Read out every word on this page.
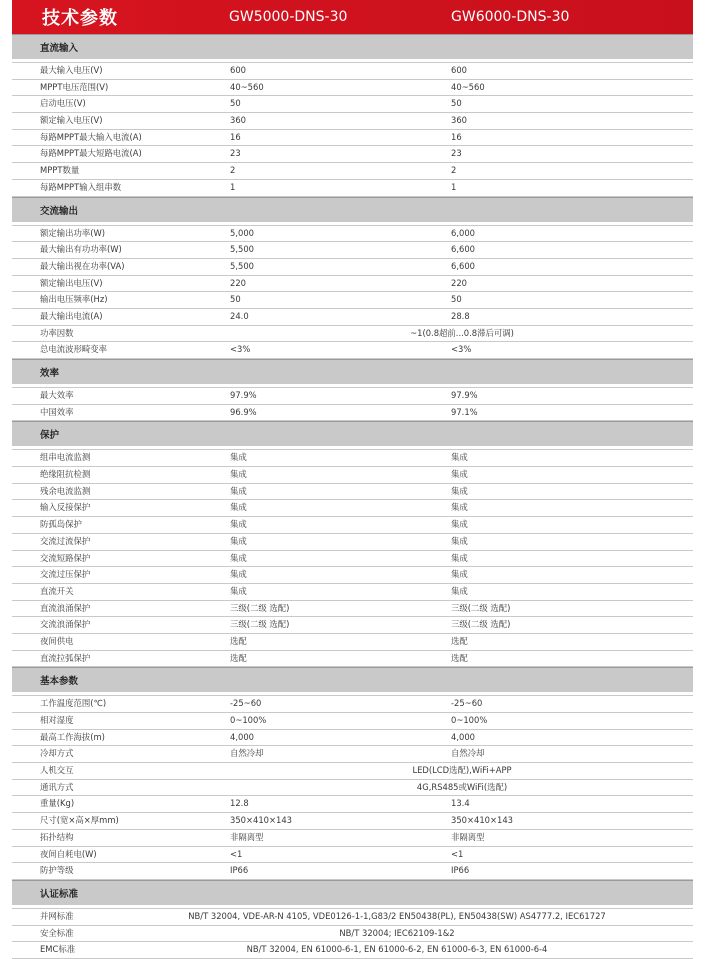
技术参数	GW5000-DNS-30	GW6000-DNS-30
直流输入
最大输入电压(V)	600	600
MPPT电压范围(V)	40~560	40~560
启动电压(V)	50	50
额定输入电压(V)	360	360
每路MPPT最大输入电流(A)	16	16
每路MPPT最大短路电流(A)	23	23
MPPT数量	2	2
每路MPPT输入组串数	1	1
交流输出
额定输出功率(W)	5,000	6,000
最大输出有功功率(W)	5,500	6,600
最大输出视在功率(VA)	5,500	6,600
额定输出电压(V)	220	220
输出电压频率(Hz)	50	50
最大输出电流(A)	24.0	28.8
功率因数	~1(0.8超前...0.8滞后可调)
总电流波形畸变率	<3%	<3%
效率
最大效率	97.9%	97.9%
中国效率	96.9%	97.1%
保护
组串电流监测	集成	集成
绝缘阻抗检测	集成	集成
残余电流监测	集成	集成
输入反接保护	集成	集成
防孤岛保护	集成	集成
交流过流保护	集成	集成
交流短路保护	集成	集成
交流过压保护	集成	集成
直流开关	集成	集成
直流浪涌保护	三级(二级 选配)	三级(二级 选配)
交流浪涌保护	三级(二级 选配)	三级(二级 选配)
夜间供电	选配	选配
直流拉弧保护	选配	选配
基本参数
工作温度范围(℃)	-25~60	-25~60
相对湿度	0~100%	0~100%
最高工作海拔(m)	4,000	4,000
冷却方式	自然冷却	自然冷却
人机交互	LED(LCD选配),WiFi+APP
通讯方式	4G,RS485或WiFi(选配)
重量(Kg)	12.8	13.4
尺寸(宽×高×厚mm)	350×410×143	350×410×143
拓扑结构	非隔离型	非隔离型
夜间自耗电(W)	<1	<1
防护等级	IP66	IP66
认证标准
并网标准	NB/T 32004, VDE-AR-N 4105, VDE0126-1-1,G83/2 EN50438(PL), EN50438(SW) AS4777.2, IEC61727
安全标准	NB/T 32004; IEC62109-1&2
EMC标准	NB/T 32004, EN 61000-6-1, EN 61000-6-2, EN 61000-6-3, EN 61000-6-4
